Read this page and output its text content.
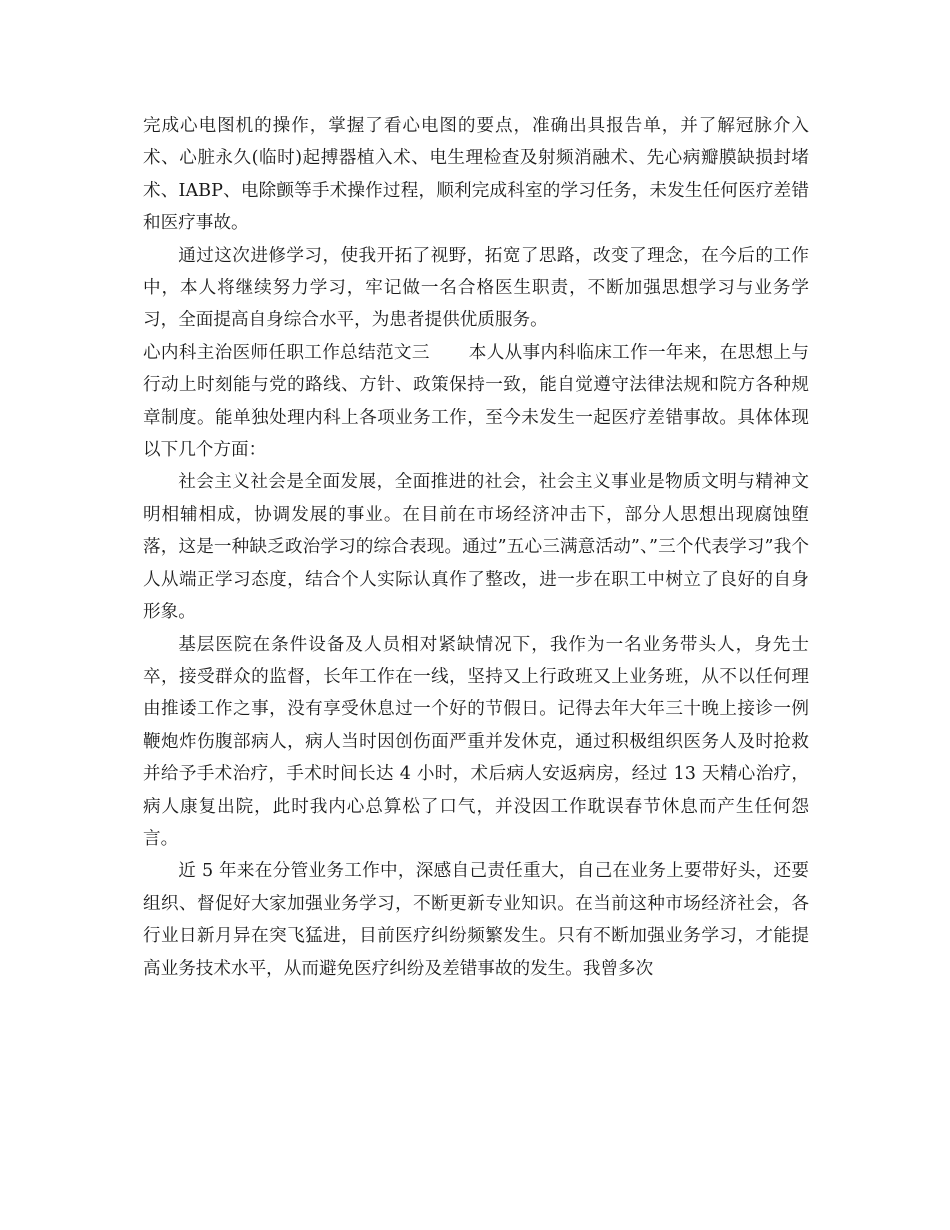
完成心电图机的操作，掌握了看心电图的要点，准确出具报告单，并了解冠脉介入术、心脏永久(临时)起搏器植入术、电生理检查及射频消融术、先心病瓣膜缺损封堵术、IABP、电除颤等手术操作过程，顺利完成科室的学习任务，未发生任何医疗差错和医疗事故。

通过这次进修学习，使我开拓了视野，拓宽了思路，改变了理念，在今后的工作中，本人将继续努力学习，牢记做一名合格医生职责，不断加强思想学习与业务学习，全面提高自身综合水平，为患者提供优质服务。

心内科主治医师任职工作总结范文三 本人从事内科临床工作一年来，在思想上与行动上时刻能与党的路线、方针、政策保持一致，能自觉遵守法律法规和院方各种规章制度。能单独处理内科上各项业务工作，至今未发生一起医疗差错事故。具体体现以下几个方面：

社会主义社会是全面发展，全面推进的社会，社会主义事业是物质文明与精神文明相辅相成，协调发展的事业。在目前在市场经济冲击下，部分人思想出现腐蚀堕落，这是一种缺乏政治学习的综合表现。通过”五心三满意活动”、”三个代表学习”我个人从端正学习态度，结合个人实际认真作了整改，进一步在职工中树立了良好的自身形象。

基层医院在条件设备及人员相对紧缺情况下，我作为一名业务带头人，身先士卒，接受群众的监督，长年工作在一线，坚持又上行政班又上业务班，从不以任何理由推诿工作之事，没有享受休息过一个好的节假日。记得去年大年三十晚上接诊一例鞭炮炸伤腹部病人，病人当时因创伤面严重并发休克，通过积极组织医务人及时抢救并给予手术治疗，手术时间长达 4 小时，术后病人安返病房，经过 13 天精心治疗，病人康复出院，此时我内心总算松了口气，并没因工作耽误春节休息而产生任何怨言。

近 5 年来在分管业务工作中，深感自己责任重大，自己在业务上要带好头，还要组织、督促好大家加强业务学习，不断更新专业知识。在当前这种市场经济社会，各行业日新月异在突飞猛进，目前医疗纠纷频繁发生。只有不断加强业务学习，才能提高业务技术水平，从而避免医疗纠纷及差错事故的发生。我曾多次
